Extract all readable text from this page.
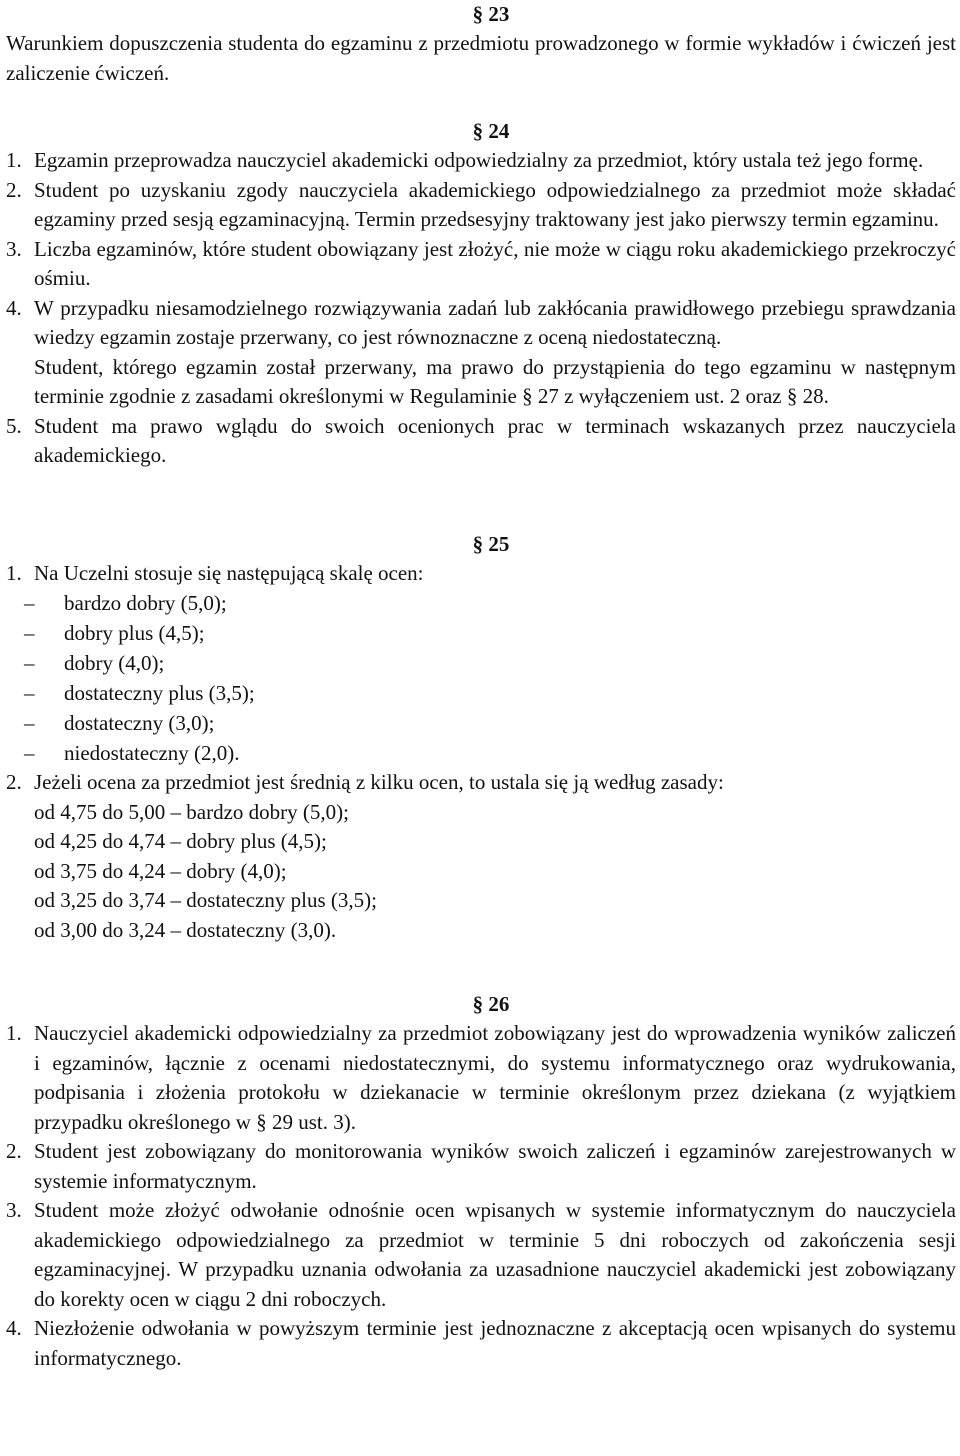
§ 23

Warunkiem dopuszczenia studenta do egzaminu z przedmiotu prowadzonego w formie wykładów i ćwiczeń jest zaliczenie ćwiczeń.

§ 24
1. Egzamin przeprowadza nauczyciel akademicki odpowiedzialny za przedmiot, który ustala też jego formę.
2. Student po uzyskaniu zgody nauczyciela akademickiego odpowiedzialnego za przedmiot może składać egzaminy przed sesją egzaminacyjną. Termin przedsesyjny traktowany jest jako pierwszy termin egzaminu.
3. Liczba egzaminów, które student obowiązany jest złożyć, nie może w ciągu roku akademickiego przekroczyć ośmiu.
4. W przypadku niesamodzielnego rozwiązywania zadań lub zakłócania prawidłowego przebiegu sprawdzania wiedzy egzamin zostaje przerwany, co jest równoznaczne z oceną niedostateczną.

Student, którego egzamin został przerwany, ma prawo do przystąpienia do tego egzaminu w następnym terminie zgodnie z zasadami określonymi w Regulaminie § 27 z wyłączeniem ust. 2 oraz § 28.

5. Student ma prawo wglądu do swoich ocenionych prac w terminach wskazanych przez nauczyciela akademickiego.
§ 25
1. Na Uczelni stosuje się następującą skalę ocen:
– bardzo dobry (5,0);
– dobry plus (4,5);
– dobry (4,0);
– dostateczny plus (3,5);
– dostateczny (3,0);
– niedostateczny (2,0).
2. Jeżeli ocena za przedmiot jest średnią z kilku ocen, to ustala się ją według zasady:
od 4,75 do 5,00 – bardzo dobry (5,0);
od 4,25 do 4,74 – dobry plus (4,5);
od 3,75 do 4,24 – dobry (4,0);
od 3,25 do 3,74 – dostateczny plus (3,5);
od 3,00 do 3,24 – dostateczny (3,0).
§ 26
1. Nauczyciel akademicki odpowiedzialny za przedmiot zobowiązany jest do wprowadzenia wyników zaliczeń i egzaminów, łącznie z ocenami niedostatecznymi, do systemu informatycznego oraz wydrukowania, podpisania i złożenia protokołu w dziekanacie w terminie określonym przez dziekana (z wyjątkiem przypadku określonego w § 29 ust. 3).
2. Student jest zobowiązany do monitorowania wyników swoich zaliczeń i egzaminów zarejestrowanych w systemie informatycznym.
3. Student może złożyć odwołanie odnośnie ocen wpisanych w systemie informatycznym do nauczyciela akademickiego odpowiedzialnego za przedmiot w terminie 5 dni roboczych od zakończenia sesji egzaminacyjnej. W przypadku uznania odwołania za uzasadnione nauczyciel akademicki jest zobowiązany do korekty ocen w ciągu 2 dni roboczych.
4. Niezłożenie odwołania w powyższym terminie jest jednoznaczne z akceptacją ocen wpisanych do systemu informatycznego.
